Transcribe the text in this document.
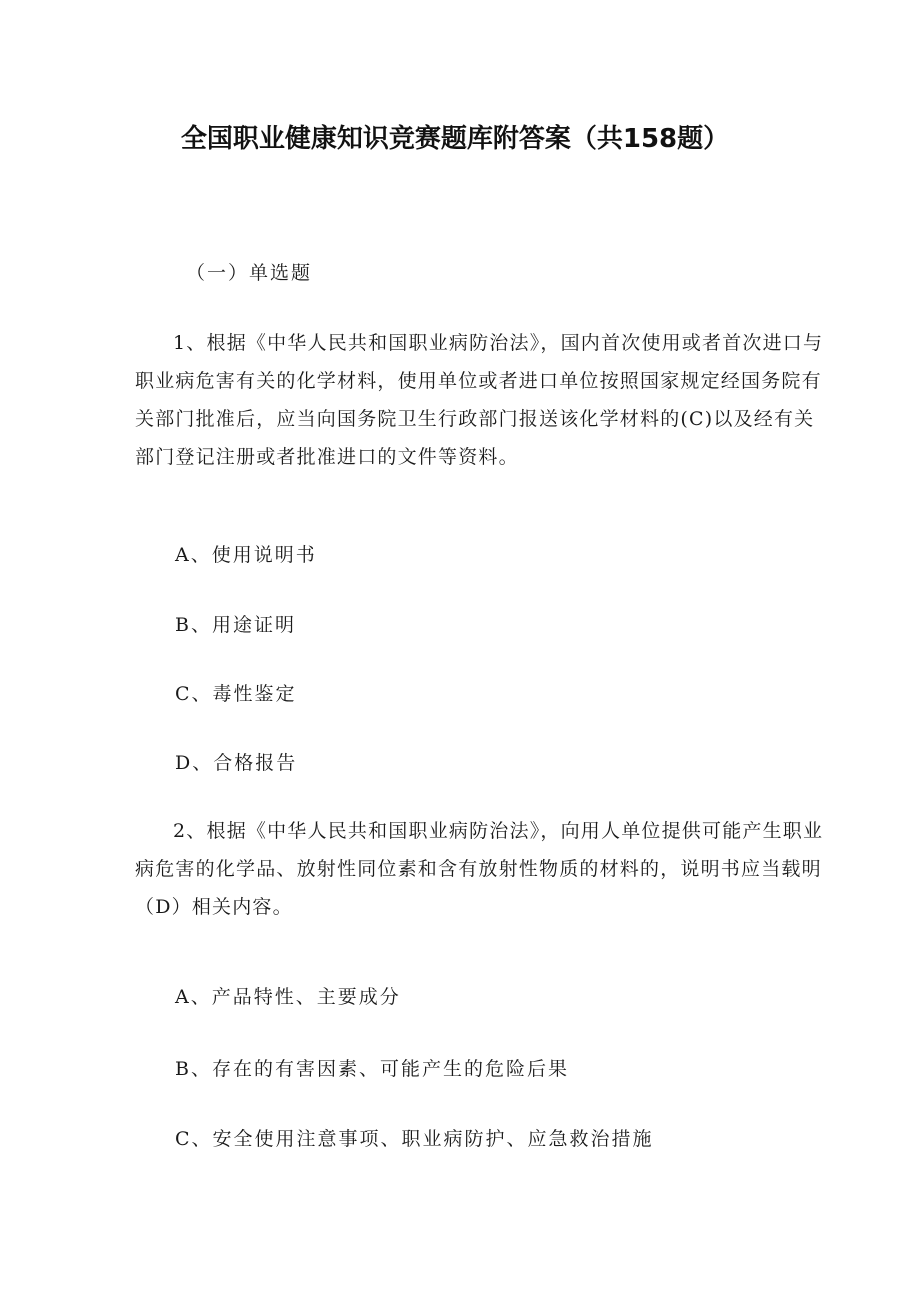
全国职业健康知识竞赛题库附答案（共158题）
（一）单选题

1、根据《中华人民共和国职业病防治法》，国内首次使用或者首次进口与职业病危害有关的化学材料，使用单位或者进口单位按照国家规定经国务院有关部门批准后，应当向国务院卫生行政部门报送该化学材料的(C)以及经有关部门登记注册或者批准进口的文件等资料。

A、使用说明书
B、用途证明
C、毒性鉴定
D、合格报告

2、根据《中华人民共和国职业病防治法》，向用人单位提供可能产生职业病危害的化学品、放射性同位素和含有放射性物质的材料的，说明书应当载明（D）相关内容。

A、产品特性、主要成分
B、存在的有害因素、可能产生的危险后果
C、安全使用注意事项、职业病防护、应急救治措施
